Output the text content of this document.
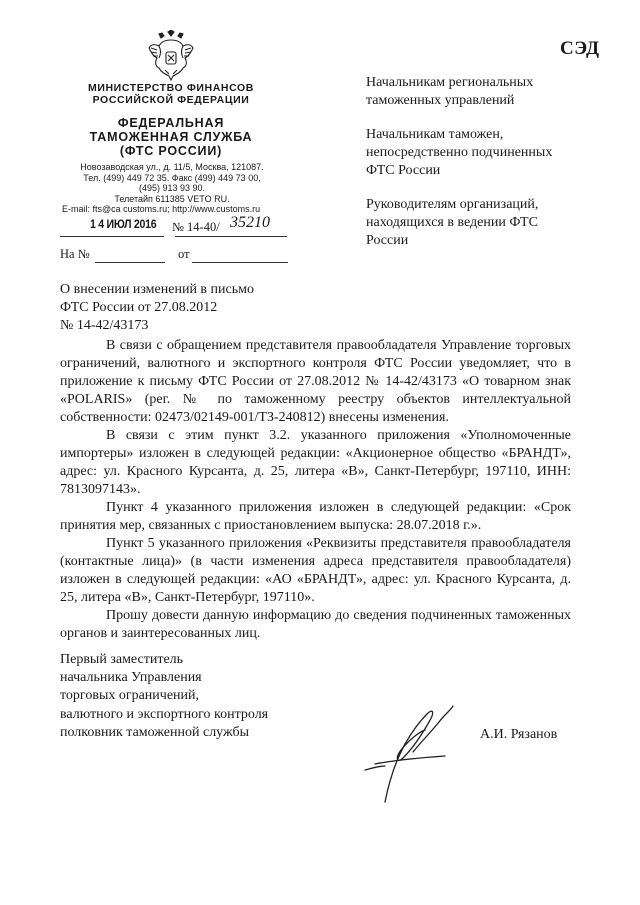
СЭД
МИНИСТЕРСТВО ФИНАНСОВ
РОССИЙСКОЙ ФЕДЕРАЦИИ
ФЕДЕРАЛЬНАЯ
ТАМОЖЕННАЯ СЛУЖБА
(ФТС РОССИИ)
Новозаводская ул., д. 11/5, Москва, 121087.
Тел. (499) 449 72 35. Факс (499) 449 73 00,
(495) 913 93 90.
Телетайп 611385 VETO RU.
E-mail: fts@ca customs.ru; http://www.customs.ru
1 4 ИЮЛ 2016 № 14-40/ 35210
На №	от

Начальникам региональных таможенных управлений

Начальникам таможен, непосредственно подчиненных ФТС России

Руководителям организаций, находящихся в ведении ФТС России

О внесении изменений в письмо
ФТС России от 27.08.2012
№ 14-42/43173

В связи с обращением представителя правообладателя Управление торговых ограничений, валютного и экспортного контроля ФТС России уведомляет, что в приложение к письму ФТС России от 27.08.2012 № 14-42/43173 «О товарном знак «POLARIS» (рег. № по таможенному реестру объектов интеллектуальной собственности: 02473/02149-001/ТЗ-240812) внесены изменения.

В связи с этим пункт 3.2. указанного приложения «Уполномоченные импортеры» изложен в следующей редакции: «Акционерное общество «БРАНДТ», адрес: ул. Красного Курсанта, д. 25, литера «В», Санкт-Петербург, 197110, ИНН: 7813097143».

Пункт 4 указанного приложения изложен в следующей редакции: «Срок принятия мер, связанных с приостановлением выпуска: 28.07.2018 г.».

Пункт 5 указанного приложения «Реквизиты представителя правообладателя (контактные лица)» (в части изменения адреса представителя правообладателя) изложен в следующей редакции: «АО «БРАНДТ», адрес: ул. Красного Курсанта, д. 25, литера «В», Санкт-Петербург, 197110».

Прошу довести данную информацию до сведения подчиненных таможенных органов и заинтересованных лиц.

Первый заместитель
начальника Управления
торговых ограничений,
валютного и экспортного контроля
полковник таможенной службы	А.И. Рязанов
